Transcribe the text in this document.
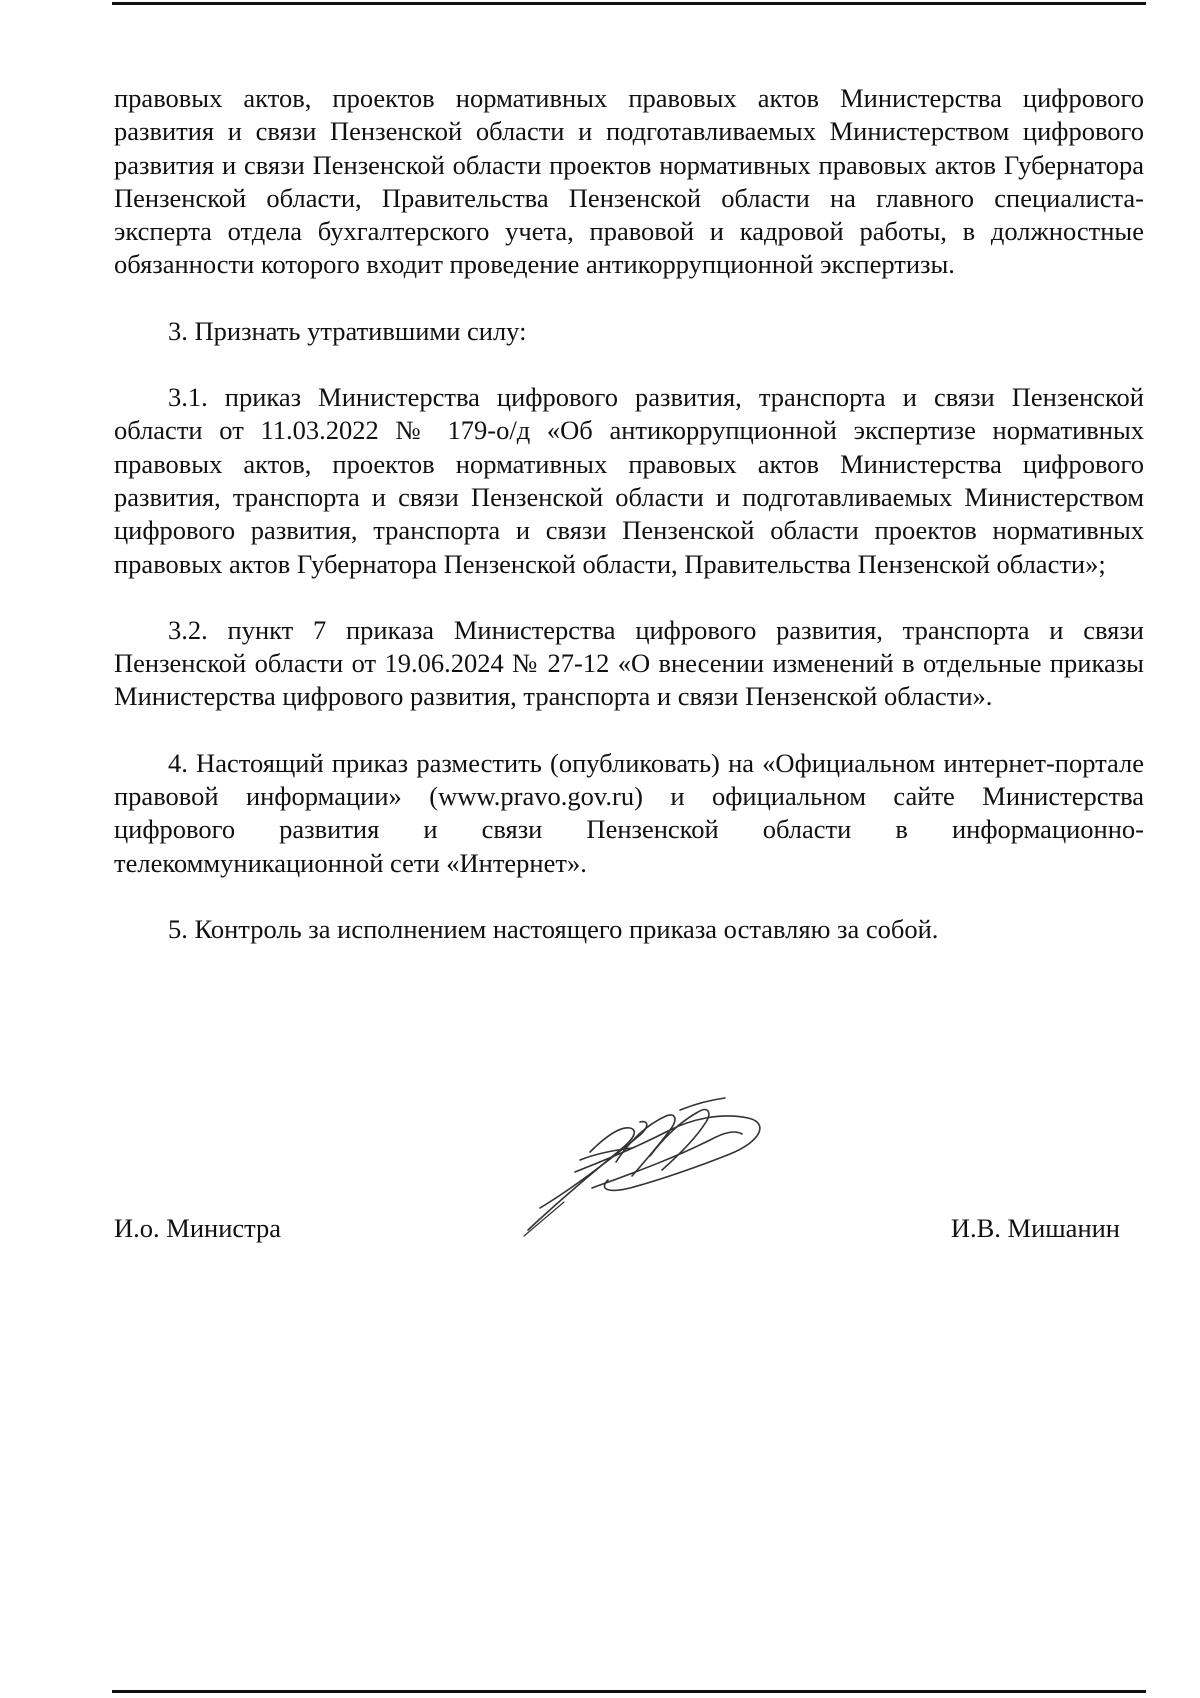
правовых актов, проектов нормативных правовых актов Министерства цифрового развития и связи Пензенской области и подготавливаемых Министерством цифрового развития и связи Пензенской области проектов нормативных правовых актов Губернатора Пензенской области, Правительства Пензенской области на главного специалиста-эксперта отдела бухгалтерского учета, правовой и кадровой работы, в должностные обязанности которого входит проведение антикоррупционной экспертизы.

3. Признать утратившими силу:

3.1. приказ Министерства цифрового развития, транспорта и связи Пензенской области от 11.03.2022 № 179-о/д «Об антикоррупционной экспертизе нормативных правовых актов, проектов нормативных правовых актов Министерства цифрового развития, транспорта и связи Пензенской области и подготавливаемых Министерством цифрового развития, транспорта и связи Пензенской области проектов нормативных правовых актов Губернатора Пензенской области, Правительства Пензенской области»;

3.2. пункт 7 приказа Министерства цифрового развития, транспорта и связи Пензенской области от 19.06.2024 № 27-12 «О внесении изменений в отдельные приказы Министерства цифрового развития, транспорта и связи Пензенской области».

4. Настоящий приказ разместить (опубликовать) на «Официальном интернет-портале правовой информации» (www.pravo.gov.ru) и официальном сайте Министерства цифрового развития и связи Пензенской области в информационно-телекоммуникационной сети «Интернет».

5. Контроль за исполнением настоящего приказа оставляю за собой.

И.о. Министра	И.В. Мишанин
